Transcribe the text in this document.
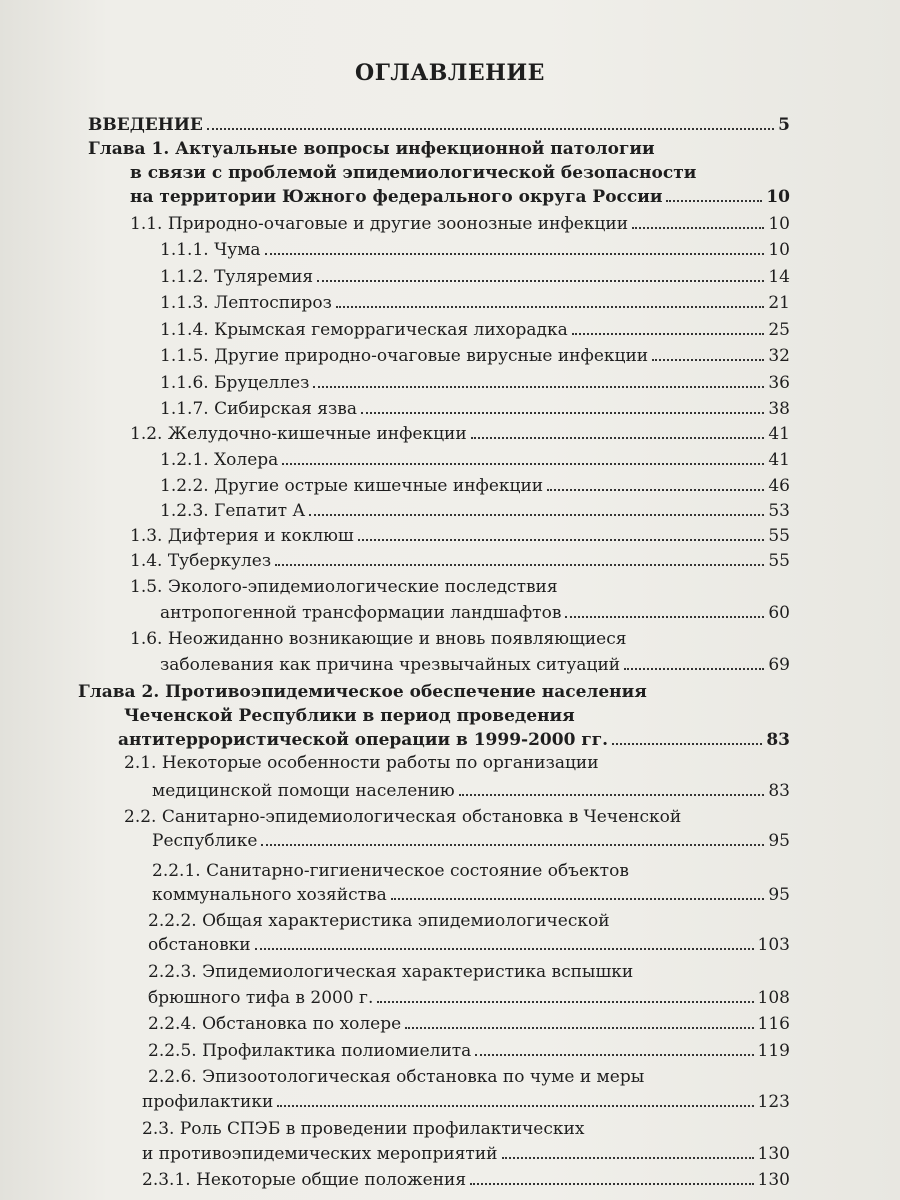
ОГЛАВЛЕНИЕ
ВВЕДЕНИЕ	5
Глава 1. Актуальные вопросы инфекционной патологии
в связи с проблемой эпидемиологической безопасности
на территории Южного федерального округа России	10
1.1. Природно-очаговые и другие зоонозные инфекции	10
1.1.1. Чума	10
1.1.2. Туляремия	14
1.1.3. Лептоспироз	21
1.1.4. Крымская геморрагическая лихорадка	25
1.1.5. Другие природно-очаговые вирусные инфекции	32
1.1.6. Бруцеллез	36
1.1.7. Сибирская язва	38
1.2. Желудочно-кишечные инфекции	41
1.2.1. Холера	41
1.2.2. Другие острые кишечные инфекции	46
1.2.3. Гепатит А	53
1.3. Дифтерия и коклюш	55
1.4. Туберкулез	55
1.5. Эколого-эпидемиологические последствия
антропогенной трансформации ландшафтов	60
1.6. Неожиданно возникающие и вновь появляющиеся
заболевания как причина чрезвычайных ситуаций	69
Глава 2. Противоэпидемическое обеспечение населения
Чеченской Республики в период проведения
антитеррористической операции в 1999-2000 гг.	83
2.1. Некоторые особенности работы по организации
медицинской помощи населению	83
2.2. Санитарно-эпидемиологическая обстановка в Чеченской
Республике	95
2.2.1. Санитарно-гигиеническое состояние объектов
коммунального хозяйства	95
2.2.2. Общая характеристика эпидемиологической
обстановки	103
2.2.3. Эпидемиологическая характеристика вспышки
брюшного тифа в 2000 г.	108
2.2.4. Обстановка по холере	116
2.2.5. Профилактика полиомиелита	119
2.2.6. Эпизоотологическая обстановка по чуме и меры
профилактики	123
2.3. Роль СПЭБ в проведении профилактических
и противоэпидемических мероприятий	130
2.3.1. Некоторые общие положения	130
